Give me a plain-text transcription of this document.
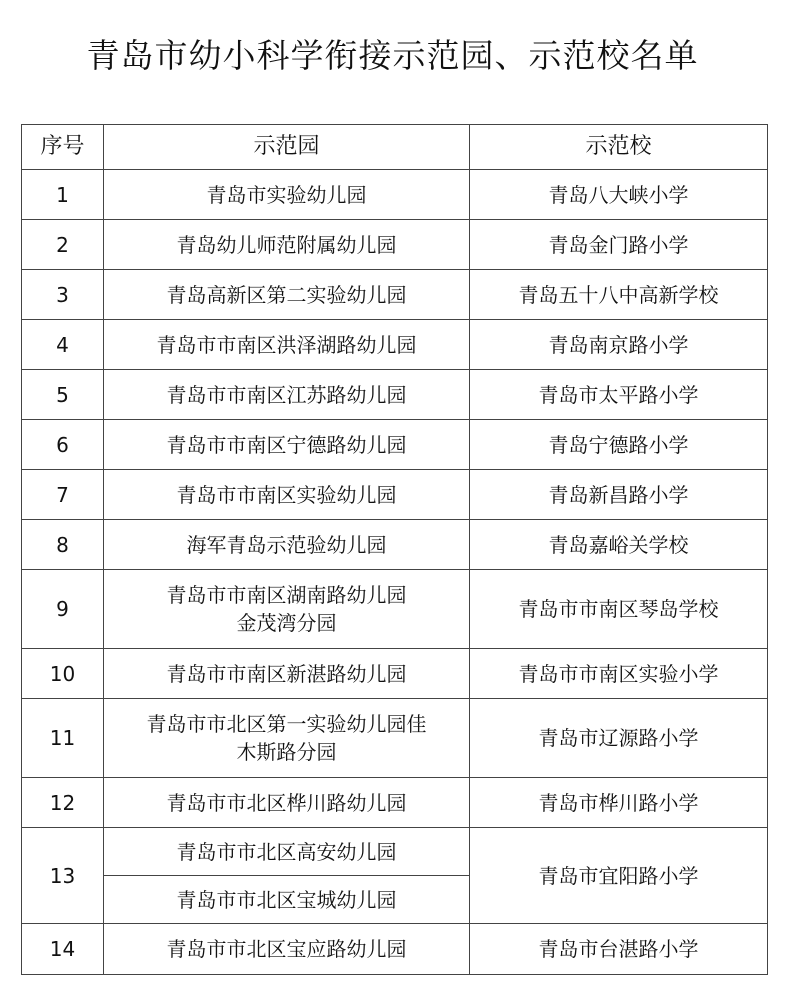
青岛市幼小科学衔接示范园、示范校名单
序号	示范园	示范校
1	青岛市实验幼儿园	青岛八大峡小学
2	青岛幼儿师范附属幼儿园	青岛金门路小学
3	青岛高新区第二实验幼儿园	青岛五十八中高新学校
4	青岛市市南区洪泽湖路幼儿园	青岛南京路小学
5	青岛市市南区江苏路幼儿园	青岛市太平路小学
6	青岛市市南区宁德路幼儿园	青岛宁德路小学
7	青岛市市南区实验幼儿园	青岛新昌路小学
8	海军青岛示范验幼儿园	青岛嘉峪关学校
9	青岛市市南区湖南路幼儿园
金茂湾分园	青岛市市南区琴岛学校
10	青岛市市南区新湛路幼儿园	青岛市市南区实验小学
11	青岛市市北区第一实验幼儿园佳
木斯路分园	青岛市辽源路小学
12	青岛市市北区桦川路幼儿园	青岛市桦川路小学
13	青岛市市北区高安幼儿园	青岛市宜阳路小学
	青岛市市北区宝城幼儿园	
14	青岛市市北区宝应路幼儿园	青岛市台湛路小学
